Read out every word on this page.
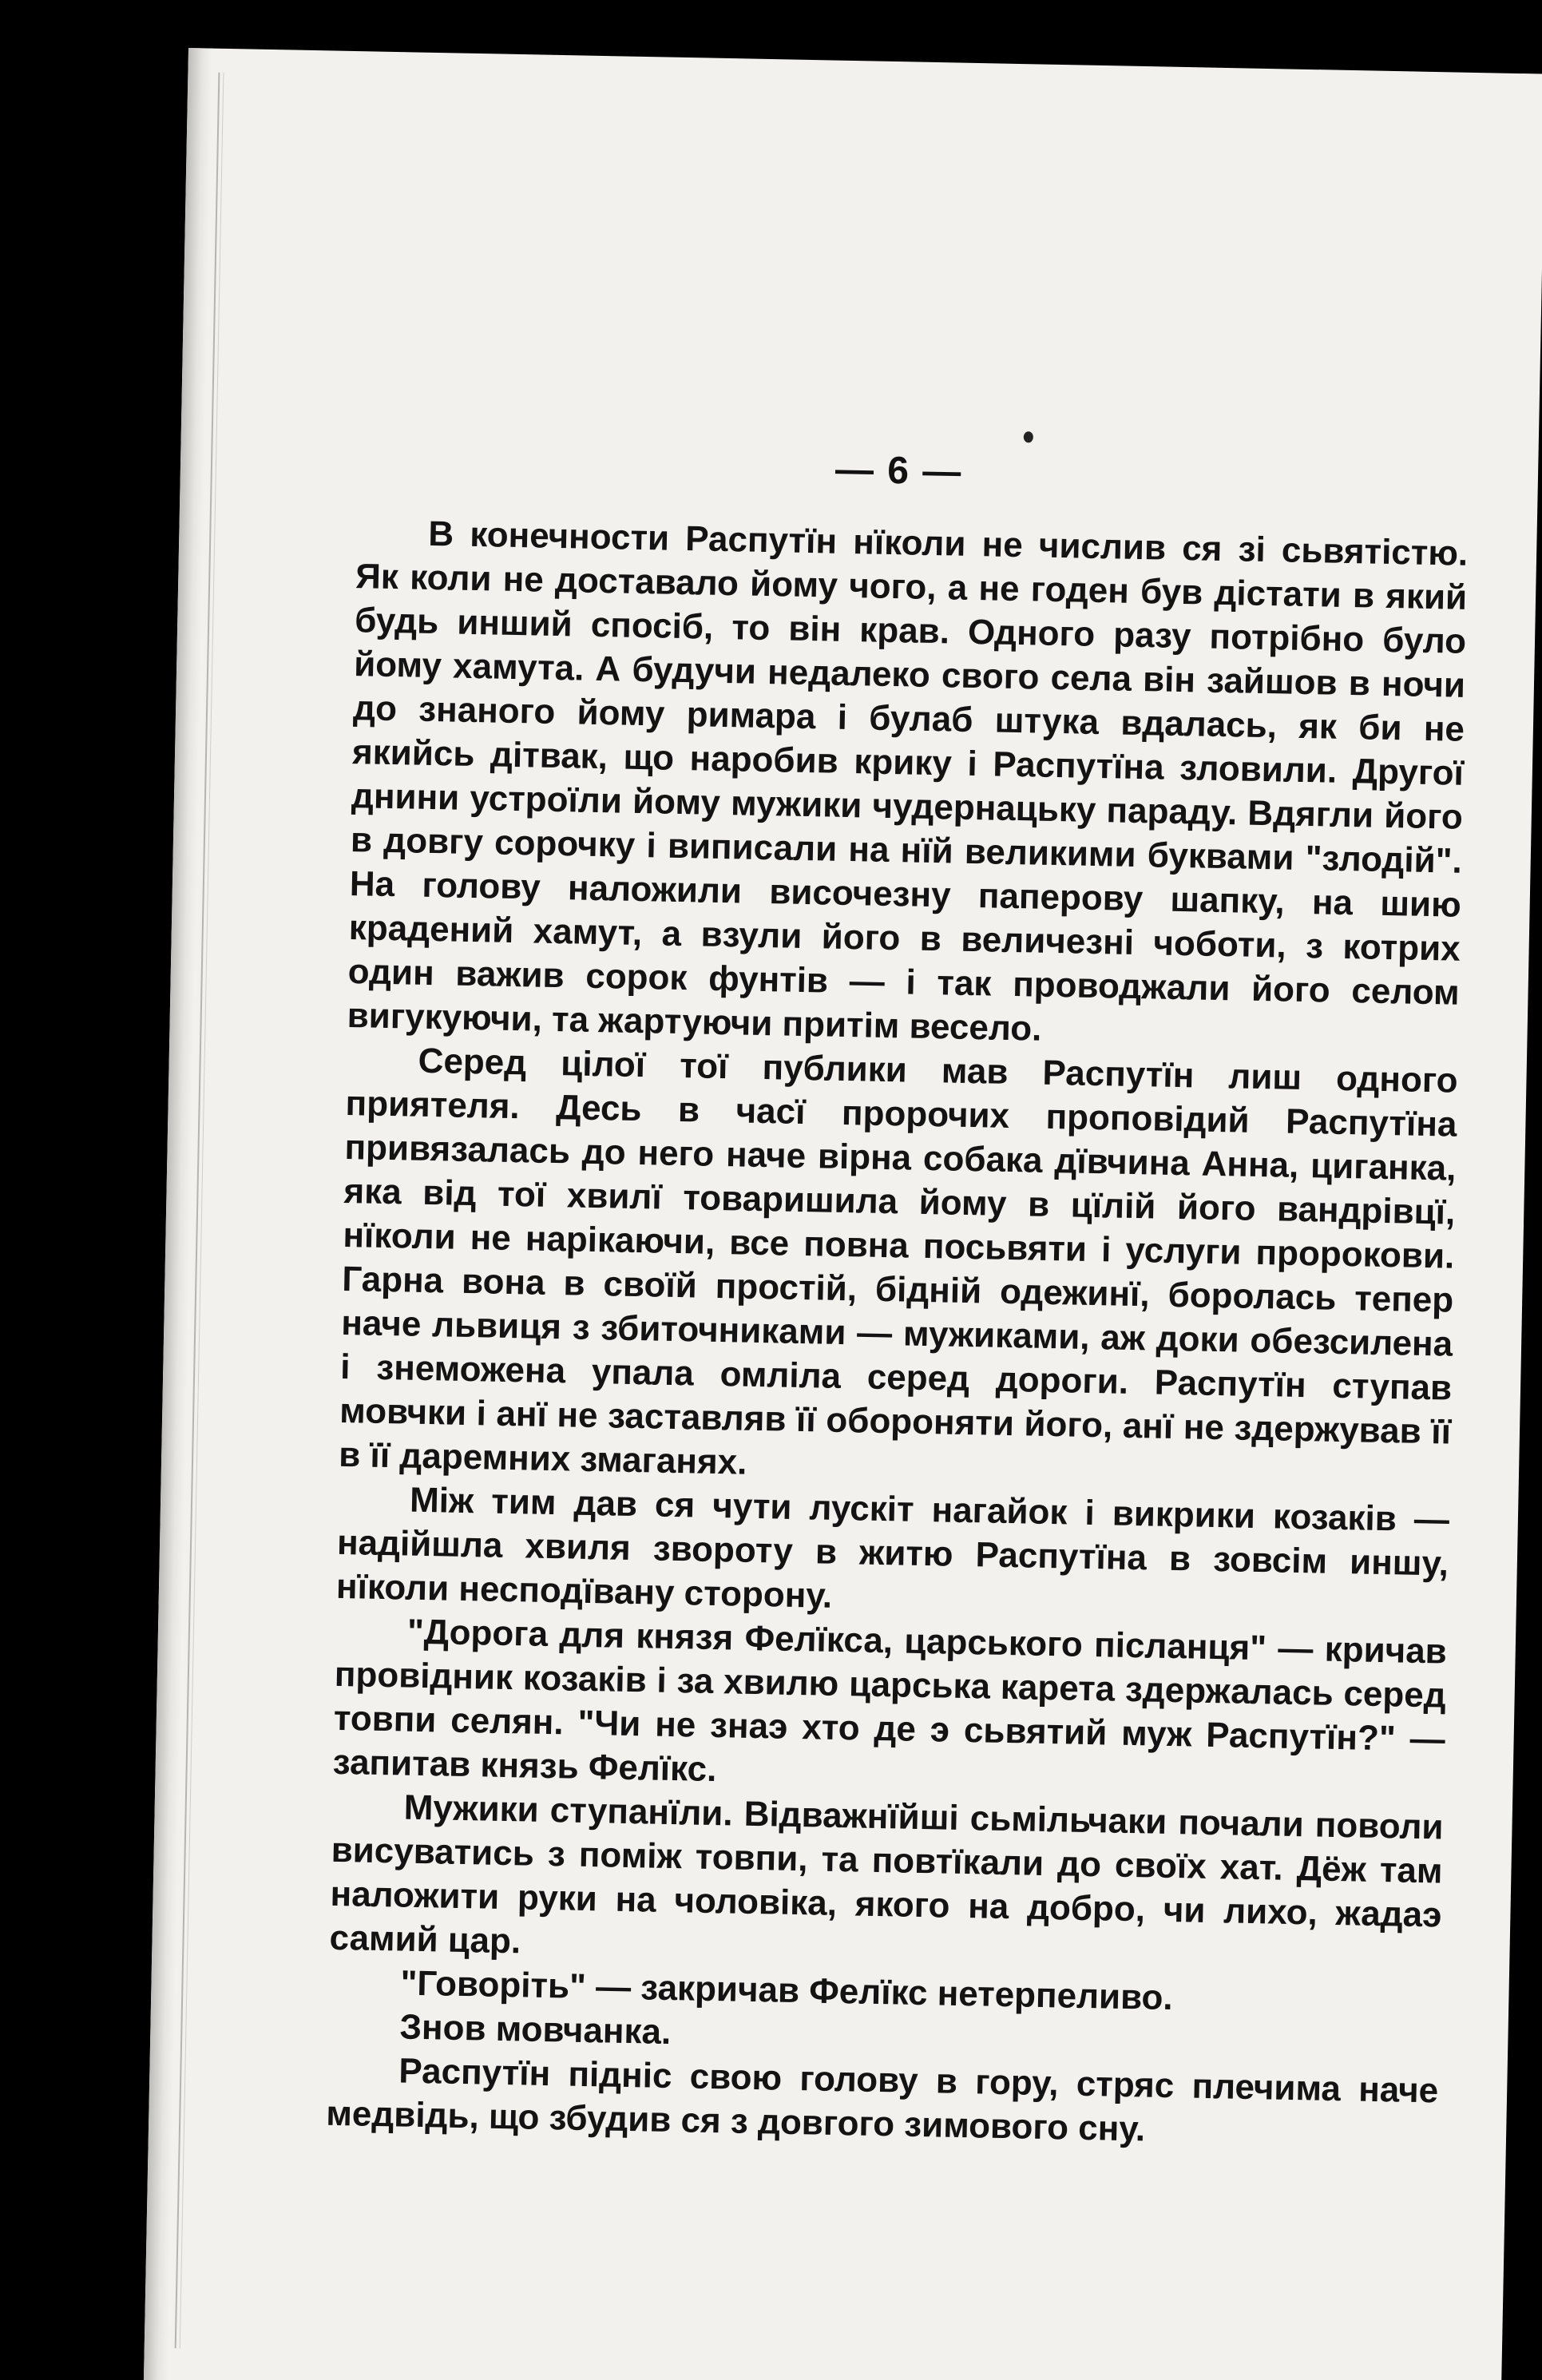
— 6 —

В конечности Распутїн нїколи не числив ся зі сьвятістю. Як коли не доставало йому чого, а не годен був дістати в який будь инший спосіб, то він крав. Одного разу потрібно було йому хамута. А будучи недалеко свого села він зайшов в ночи до знаного йому римара і булаб штука вдалась, як би не якийсь дітвак, що наробив крику і Распутїна зловили. Другої днини устроїли йому мужики чудернацьку параду. Вдягли його в довгу сорочку і виписали на нїй великими буквами "злодій". На голову наложили височезну паперову шапку, на шию крадений хамут, а взули його в величезні чоботи, з котрих один важив сорок фунтів — і так проводжали його селом вигукуючи, та жартуючи притім весело.

Серед цілої тої публики мав Распутїн лиш одного приятеля. Десь в часї пророчих проповідий Распутїна привязалась до него наче вірна собака дївчина Анна, циганка, яка від тої хвилї товаришила йому в цїлій його вандрівцї, нїколи не нарікаючи, все повна посьвяти і услуги пророкови. Гарна вона в своїй простій, бідній одежинї, боролась тепер наче львиця з збиточниками — мужиками, аж доки обезсилена і знеможена упала омліла серед дороги. Распутїн ступав мовчки і анї не заставляв її обороняти його, анї не здержував її в її даремних змаганях.

Між тим дав ся чути лускіт нагайок і викрики козаків — надійшла хвиля звороту в житю Распутїна в зовсім иншу, нїколи несподївану сторону.

"Дорога для князя Фелїкса, царського післанця" — кричав провідник козаків і за хвилю царська карета здержалась серед товпи селян. "Чи не знаэ хто де э сьвятий муж Распутїн?" — запитав князь Фелїкс.

Мужики ступанїли. Відважнїйші сьмільчаки почали поволи висуватись з поміж товпи, та повтїкали до своїх хат. Дёж там наложити руки на чоловіка, якого на добро, чи лихо, жадаэ самий цар.

"Говоріть" — закричав Фелїкс нетерпеливо.

Знов мовчанка.

Распутїн підніс свою голову в гору, стряс плечима наче медвідь, що збудив ся з довгого зимового сну.
